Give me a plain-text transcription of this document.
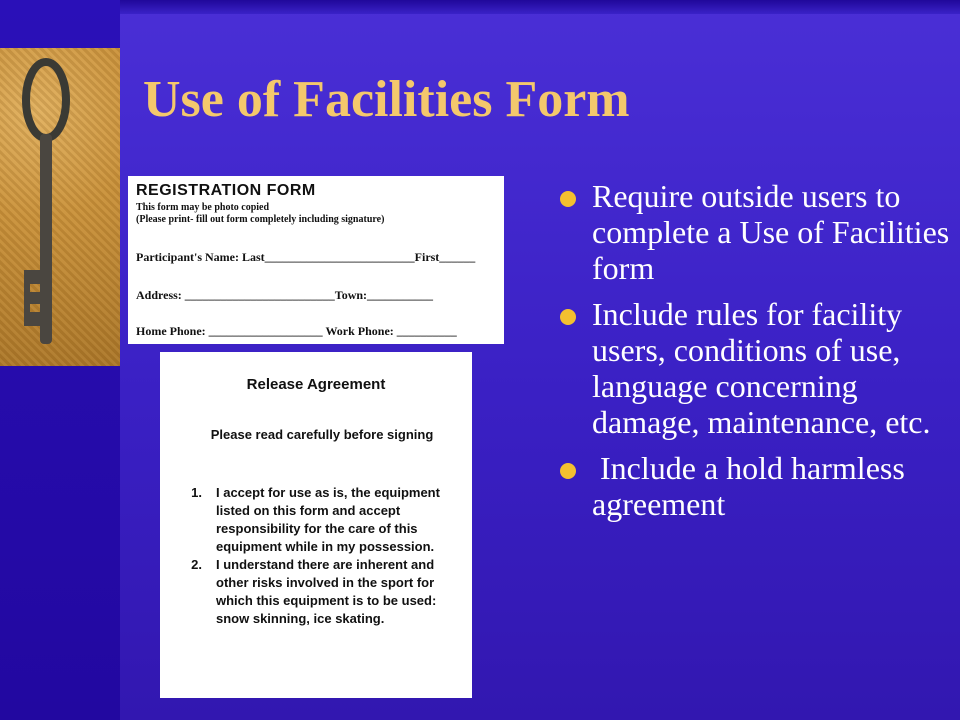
Use of Facilities Form
REGISTRATION FORM
This form may be photo copied
(Please print- fill out form completely including signature)
Participant's Name: Last_________________________First______
Address: _________________________Town:___________
Home Phone: ___________________ Work Phone: __________
Release Agreement
Please read carefully before signing
1. I accept for use as is, the equipment listed on this form and accept responsibility for the care of this equipment while in my possession.
2. I understand there are inherent and other risks involved in the sport for which this equipment is to be used: snow skinning, ice skating.
Require outside users to complete a Use of Facilities form
Include rules for facility users, conditions of use, language concerning damage, maintenance, etc.
Include a hold harmless agreement
